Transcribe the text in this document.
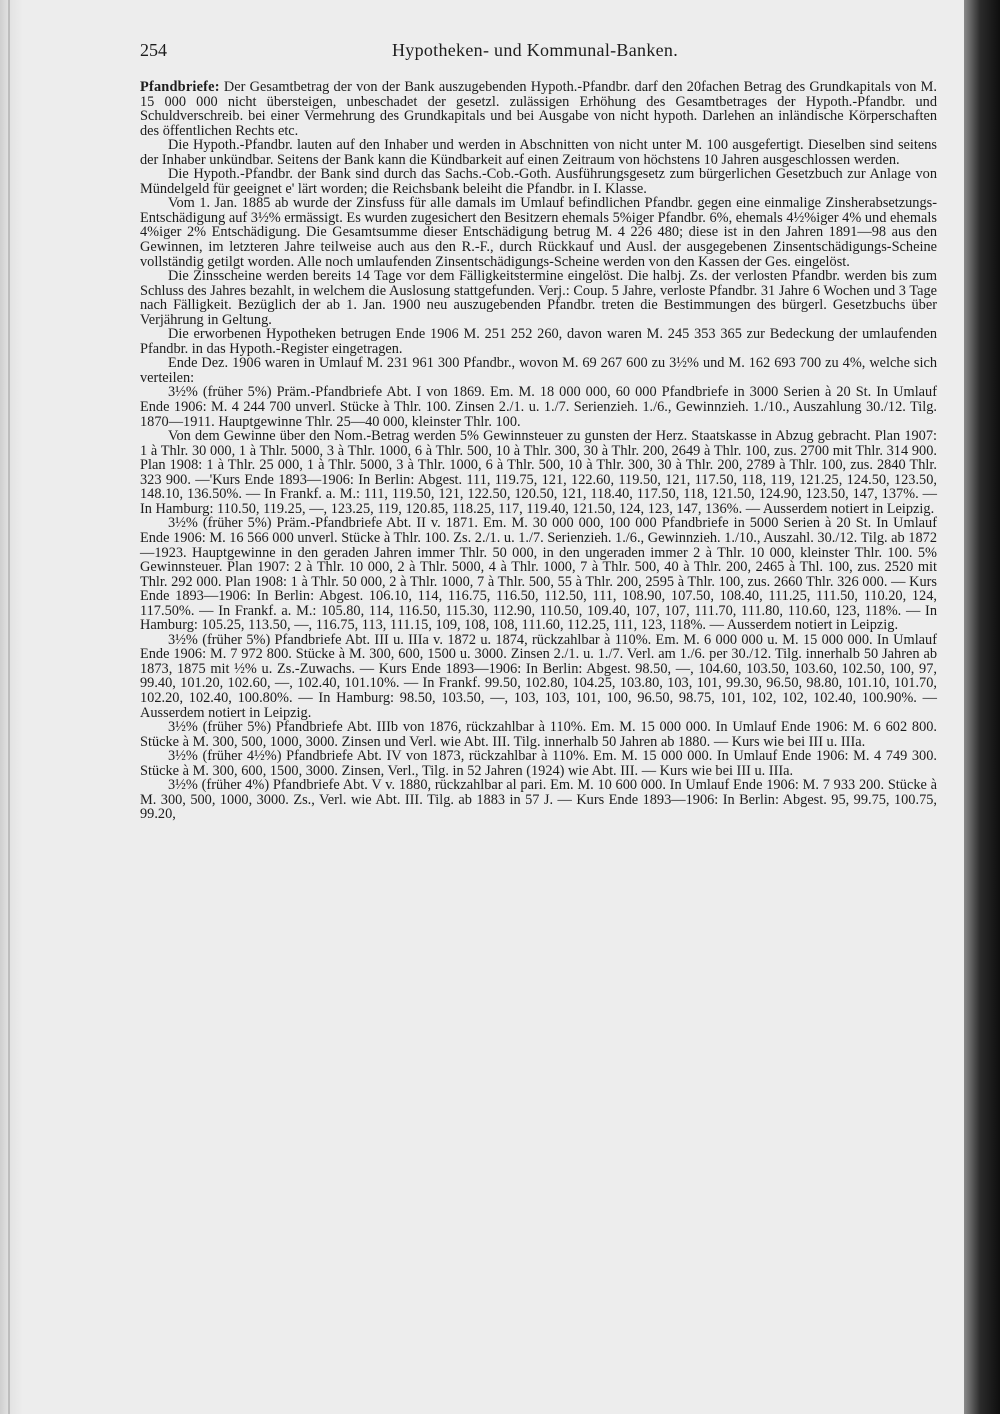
254	Hypotheken- und Kommunal-Banken.

Pfandbriefe: Der Gesamtbetrag der von der Bank auszugebenden Hypoth.-Pfandbr. darf den 20fachen Betrag des Grundkapitals von M. 15 000 000 nicht übersteigen, unbeschadet der gesetzl. zulässigen Erhöhung des Gesamtbetrages der Hypoth.-Pfandbr. und Schuldverschreib. bei einer Vermehrung des Grundkapitals und bei Ausgabe von nicht hypoth. Darlehen an inländische Körperschaften des öffentlichen Rechts etc.

Die Hypoth.-Pfandbr. lauten auf den Inhaber und werden in Abschnitten von nicht unter M. 100 ausgefertigt. Dieselben sind seitens der Inhaber unkündbar. Seitens der Bank kann die Kündbarkeit auf einen Zeitraum von höchstens 10 Jahren ausgeschlossen werden.

Die Hypoth.-Pfandbr. der Bank sind durch das Sachs.-Cob.-Goth. Ausführungsgesetz zum bürgerlichen Gesetzbuch zur Anlage von Mündelgeld für geeignet e' lärt worden; die Reichsbank beleiht die Pfandbr. in I. Klasse.

Vom 1. Jan. 1885 ab wurde der Zinsfuss für alle damals im Umlauf befindlichen Pfandbr. gegen eine einmalige Zinsherabsetzungs-Entschädigung auf 3½% ermässigt. Es wurden zugesichert den Besitzern ehemals 5%iger Pfandbr. 6%, ehemals 4½%iger 4% und ehemals 4%iger 2% Entschädigung. Die Gesamtsumme dieser Entschädigung betrug M. 4 226 480; diese ist in den Jahren 1891—98 aus den Gewinnen, im letzteren Jahre teilweise auch aus den R.-F., durch Rückkauf und Ausl. der ausgegebenen Zinsentschädigungs-Scheine vollständig getilgt worden. Alle noch umlaufenden Zinsentschädigungs-Scheine werden von den Kassen der Ges. eingelöst.

Die Zinsscheine werden bereits 14 Tage vor dem Fälligkeitstermine eingelöst. Die halbj. Zs. der verlosten Pfandbr. werden bis zum Schluss des Jahres bezahlt, in welchem die Auslosung stattgefunden. Verj.: Coup. 5 Jahre, verloste Pfandbr. 31 Jahre 6 Wochen und 3 Tage nach Fälligkeit. Bezüglich der ab 1. Jan. 1900 neu auszugebenden Pfandbr. treten die Bestimmungen des bürgerl. Gesetzbuchs über Verjährung in Geltung.

Die erworbenen Hypotheken betrugen Ende 1906 M. 251 252 260, davon waren M. 245 353 365 zur Bedeckung der umlaufenden Pfandbr. in das Hypoth.-Register eingetragen.

Ende Dez. 1906 waren in Umlauf M. 231 961 300 Pfandbr., wovon M. 69 267 600 zu 3½% und M. 162 693 700 zu 4%, welche sich verteilen:

3½% (früher 5%) Präm.-Pfandbriefe Abt. I von 1869. Em. M. 18 000 000, 60 000 Pfandbriefe in 3000 Serien à 20 St. In Umlauf Ende 1906: M. 4 244 700 unverl. Stücke à Thlr. 100. Zinsen 2./1. u. 1./7. Serienzieh. 1./6., Gewinnzieh. 1./10., Auszahlung 30./12. Tilg. 1870—1911. Hauptgewinne Thlr. 25—40 000, kleinster Thlr. 100.

Von dem Gewinne über den Nom.-Betrag werden 5% Gewinnsteuer zu gunsten der Herz. Staatskasse in Abzug gebracht. Plan 1907: 1 à Thlr. 30 000, 1 à Thlr. 5000, 3 à Thlr. 1000, 6 à Thlr. 500, 10 à Thlr. 300, 30 à Thlr. 200, 2649 à Thlr. 100, zus. 2700 mit Thlr. 314 900. Plan 1908: 1 à Thlr. 25 000, 1 à Thlr. 5000, 3 à Thlr. 1000, 6 à Thlr. 500, 10 à Thlr. 300, 30 à Thlr. 200, 2789 à Thlr. 100, zus. 2840 Thlr. 323 900. —'Kurs Ende 1893—1906: In Berlin: Abgest. 111, 119.75, 121, 122.60, 119.50, 121, 117.50, 118, 119, 121.25, 124.50, 123.50, 148.10, 136.50%. — In Frankf. a. M.: 111, 119.50, 121, 122.50, 120.50, 121, 118.40, 117.50, 118, 121.50, 124.90, 123.50, 147, 137%. — In Hamburg: 110.50, 119.25, —, 123.25, 119, 120.85, 118.25, 117, 119.40, 121.50, 124, 123, 147, 136%. — Ausserdem notiert in Leipzig.

3½% (früher 5%) Präm.-Pfandbriefe Abt. II v. 1871. Em. M. 30 000 000, 100 000 Pfandbriefe in 5000 Serien à 20 St. In Umlauf Ende 1906: M. 16 566 000 unverl. Stücke à Thlr. 100. Zs. 2./1. u. 1./7. Serienzieh. 1./6., Gewinnzieh. 1./10., Auszahl. 30./12. Tilg. ab 1872—1923. Hauptgewinne in den geraden Jahren immer Thlr. 50 000, in den ungeraden immer 2 à Thlr. 10 000, kleinster Thlr. 100. 5% Gewinnsteuer. Plan 1907: 2 à Thlr. 10 000, 2 à Thlr. 5000, 4 à Thlr. 1000, 7 à Thlr. 500, 40 à Thlr. 200, 2465 à Thl. 100, zus. 2520 mit Thlr. 292 000. Plan 1908: 1 à Thlr. 50 000, 2 à Thlr. 1000, 7 à Thlr. 500, 55 à Thlr. 200, 2595 à Thlr. 100, zus. 2660 Thlr. 326 000. — Kurs Ende 1893—1906: In Berlin: Abgest. 106.10, 114, 116.75, 116.50, 112.50, 111, 108.90, 107.50, 108.40, 111.25, 111.50, 110.20, 124, 117.50%. — In Frankf. a. M.: 105.80, 114, 116.50, 115.30, 112.90, 110.50, 109.40, 107, 107, 111.70, 111.80, 110.60, 123, 118%. — In Hamburg: 105.25, 113.50, —, 116.75, 113, 111.15, 109, 108, 108, 111.60, 112.25, 111, 123, 118%. — Ausserdem notiert in Leipzig.

3½% (früher 5%) Pfandbriefe Abt. III u. IIIa v. 1872 u. 1874, rückzahlbar à 110%. Em. M. 6 000 000 u. M. 15 000 000. In Umlauf Ende 1906: M. 7 972 800. Stücke à M. 300, 600, 1500 u. 3000. Zinsen 2./1. u. 1./7. Verl. am 1./6. per 30./12. Tilg. innerhalb 50 Jahren ab 1873, 1875 mit ½% u. Zs.-Zuwachs. — Kurs Ende 1893—1906: In Berlin: Abgest. 98.50, —, 104.60, 103.50, 103.60, 102.50, 100, 97, 99.40, 101.20, 102.60, —, 102.40, 101.10%. — In Frankf. 99.50, 102.80, 104.25, 103.80, 103, 101, 99.30, 96.50, 98.80, 101.10, 101.70, 102.20, 102.40, 100.80%. — In Hamburg: 98.50, 103.50, —, 103, 103, 101, 100, 96.50, 98.75, 101, 102, 102, 102.40, 100.90%. — Ausserdem notiert in Leipzig.

3½% (früher 5%) Pfandbriefe Abt. IIIb von 1876, rückzahlbar à 110%. Em. M. 15 000 000. In Umlauf Ende 1906: M. 6 602 800. Stücke à M. 300, 500, 1000, 3000. Zinsen und Verl. wie Abt. III. Tilg. innerhalb 50 Jahren ab 1880. — Kurs wie bei III u. IIIa.

3½% (früher 4½%) Pfandbriefe Abt. IV von 1873, rückzahlbar à 110%. Em. M. 15 000 000. In Umlauf Ende 1906: M. 4 749 300. Stücke à M. 300, 600, 1500, 3000. Zinsen, Verl., Tilg. in 52 Jahren (1924) wie Abt. III. — Kurs wie bei III u. IIIa.

3½% (früher 4%) Pfandbriefe Abt. V v. 1880, rückzahlbar al pari. Em. M. 10 600 000. In Umlauf Ende 1906: M. 7 933 200. Stücke à M. 300, 500, 1000, 3000. Zs., Verl. wie Abt. III. Tilg. ab 1883 in 57 J. — Kurs Ende 1893—1906: In Berlin: Abgest. 95, 99.75, 100.75, 99.20,
